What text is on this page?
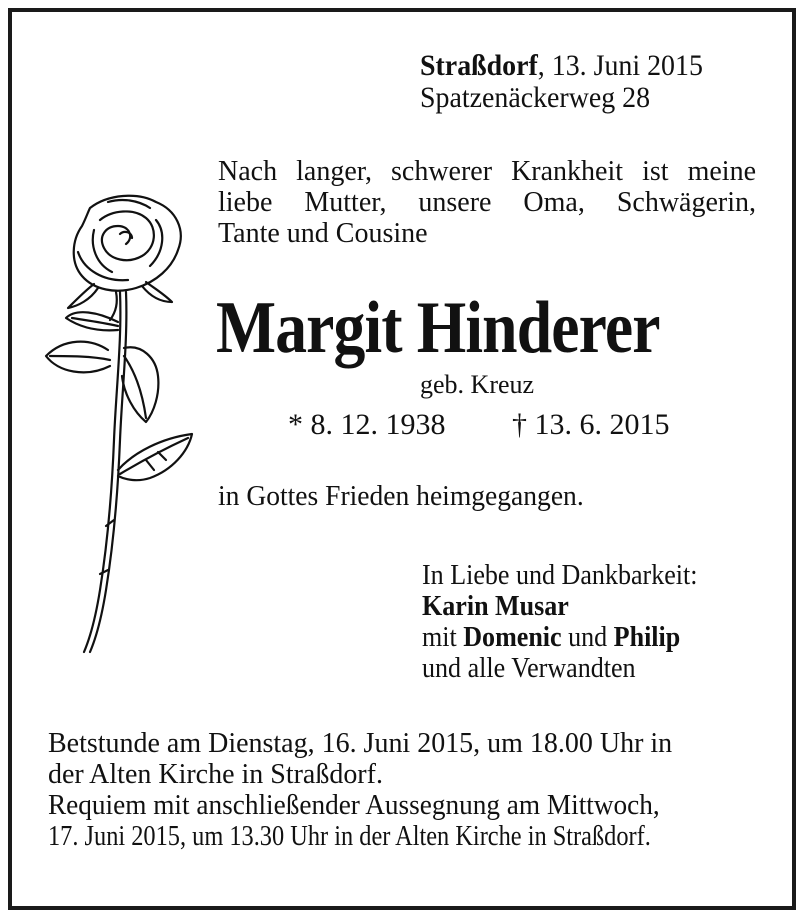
Straßdorf, 13. Juni 2015
Spatzenäckerweg 28
Nach langer, schwerer Krankheit ist meine
liebe Mutter, unsere Oma, Schwägerin,
Tante und Cousine
Margit Hinderer
geb. Kreuz
* 8. 12. 1938 † 13. 6. 2015
in Gottes Frieden heimgegangen.
In Liebe und Dankbarkeit:
Karin Musar
mit Domenic und Philip
und alle Verwandten
Betstunde am Dienstag, 16. Juni 2015, um 18.00 Uhr in
der Alten Kirche in Straßdorf.
Requiem mit anschließender Aussegnung am Mittwoch,
17. Juni 2015, um 13.30 Uhr in der Alten Kirche in Straßdorf.
